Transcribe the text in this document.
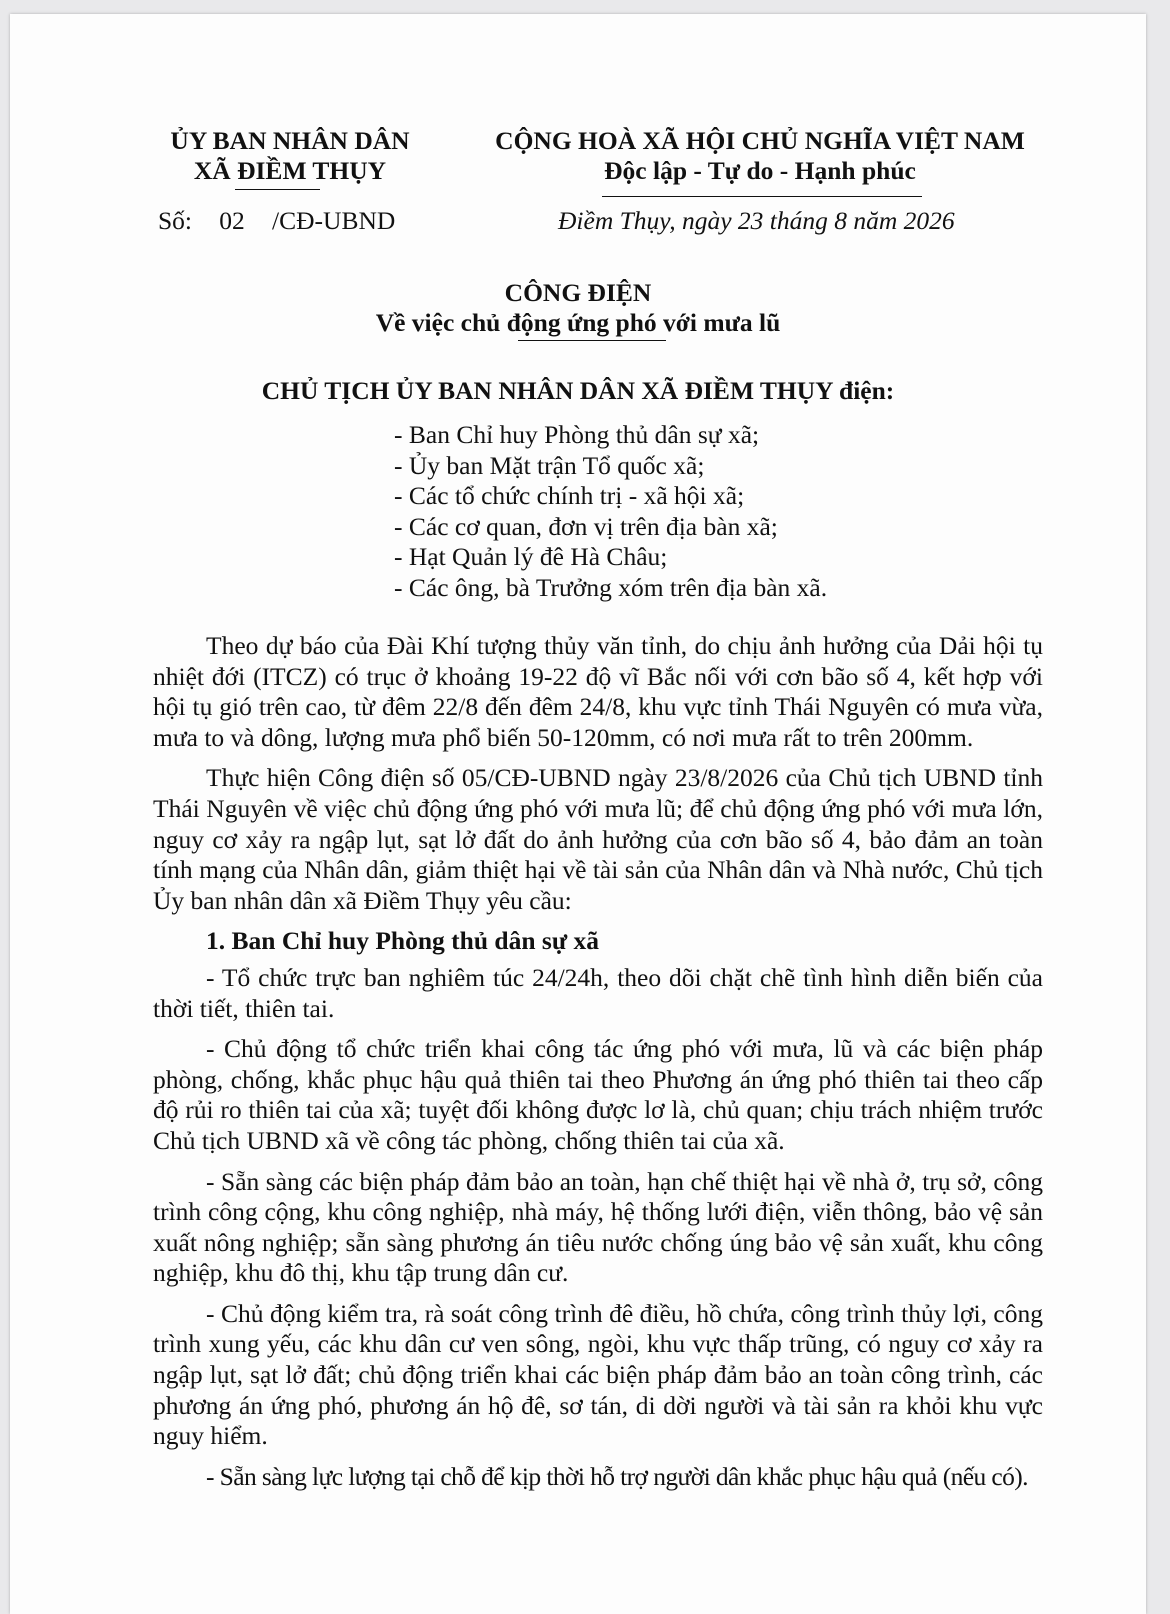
ỦY BAN NHÂN DÂN
XÃ ĐIỀM THỤY
CỘNG HOÀ XÃ HỘI CHỦ NGHĨA VIỆT NAM
Độc lập - Tự do - Hạnh phúc
Số: 02 /CĐ-UBND	Điềm Thụy, ngày 23 tháng 8 năm 2026
CÔNG ĐIỆN
Về việc chủ động ứng phó với mưa lũ
CHỦ TỊCH ỦY BAN NHÂN DÂN XÃ ĐIỀM THỤY điện:
- Ban Chỉ huy Phòng thủ dân sự xã;
- Ủy ban Mặt trận Tổ quốc xã;
- Các tổ chức chính trị - xã hội xã;
- Các cơ quan, đơn vị trên địa bàn xã;
- Hạt Quản lý đê Hà Châu;
- Các ông, bà Trưởng xóm trên địa bàn xã.

Theo dự báo của Đài Khí tượng thủy văn tỉnh, do chịu ảnh hưởng của Dải hội tụ nhiệt đới (ITCZ) có trục ở khoảng 19-22 độ vĩ Bắc nối với cơn bão số 4, kết hợp với hội tụ gió trên cao, từ đêm 22/8 đến đêm 24/8, khu vực tỉnh Thái Nguyên có mưa vừa, mưa to và dông, lượng mưa phổ biến 50-120mm, có nơi mưa rất to trên 200mm.

Thực hiện Công điện số 05/CĐ-UBND ngày 23/8/2026 của Chủ tịch UBND tỉnh Thái Nguyên về việc chủ động ứng phó với mưa lũ; để chủ động ứng phó với mưa lớn, nguy cơ xảy ra ngập lụt, sạt lở đất do ảnh hưởng của cơn bão số 4, bảo đảm an toàn tính mạng của Nhân dân, giảm thiệt hại về tài sản của Nhân dân và Nhà nước, Chủ tịch Ủy ban nhân dân xã Điềm Thụy yêu cầu:

1. Ban Chỉ huy Phòng thủ dân sự xã

- Tổ chức trực ban nghiêm túc 24/24h, theo dõi chặt chẽ tình hình diễn biến của thời tiết, thiên tai.

- Chủ động tổ chức triển khai công tác ứng phó với mưa, lũ và các biện pháp phòng, chống, khắc phục hậu quả thiên tai theo Phương án ứng phó thiên tai theo cấp độ rủi ro thiên tai của xã; tuyệt đối không được lơ là, chủ quan; chịu trách nhiệm trước Chủ tịch UBND xã về công tác phòng, chống thiên tai của xã.

- Sẵn sàng các biện pháp đảm bảo an toàn, hạn chế thiệt hại về nhà ở, trụ sở, công trình công cộng, khu công nghiệp, nhà máy, hệ thống lưới điện, viễn thông, bảo vệ sản xuất nông nghiệp; sẵn sàng phương án tiêu nước chống úng bảo vệ sản xuất, khu công nghiệp, khu đô thị, khu tập trung dân cư.

- Chủ động kiểm tra, rà soát công trình đê điều, hồ chứa, công trình thủy lợi, công trình xung yếu, các khu dân cư ven sông, ngòi, khu vực thấp trũng, có nguy cơ xảy ra ngập lụt, sạt lở đất; chủ động triển khai các biện pháp đảm bảo an toàn công trình, các phương án ứng phó, phương án hộ đê, sơ tán, di dời người và tài sản ra khỏi khu vực nguy hiểm.

- Sẵn sàng lực lượng tại chỗ để kịp thời hỗ trợ người dân khắc phục hậu quả (nếu có).
